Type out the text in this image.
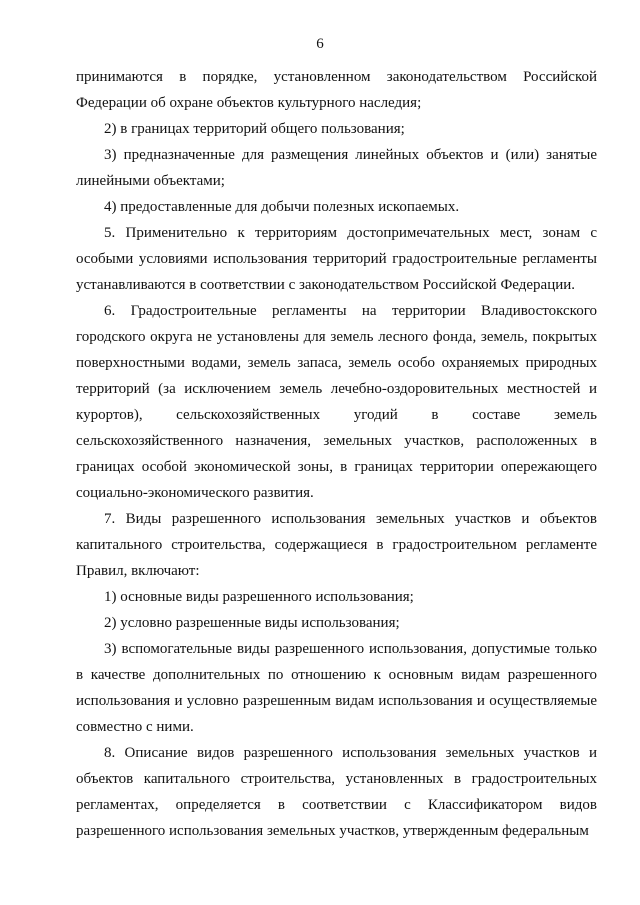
6

принимаются в порядке, установленном законодательством Российской Федерации об охране объектов культурного наследия;

2) в границах территорий общего пользования;

3) предназначенные для размещения линейных объектов и (или) занятые линейными объектами;

4) предоставленные для добычи полезных ископаемых.

5. Применительно к территориям достопримечательных мест, зонам с особыми условиями использования территорий градостроительные регламенты устанавливаются в соответствии с законодательством Российской Федерации.

6. Градостроительные регламенты на территории Владивостокского городского округа не установлены для земель лесного фонда, земель, покрытых поверхностными водами, земель запаса, земель особо охраняемых природных территорий (за исключением земель лечебно-оздоровительных местностей и курортов), сельскохозяйственных угодий в составе земель сельскохозяйственного назначения, земельных участков, расположенных в границах особой экономической зоны, в границах территории опережающего социально-экономического развития.

7. Виды разрешенного использования земельных участков и объектов капитального строительства, содержащиеся в градостроительном регламенте Правил, включают:

1) основные виды разрешенного использования;

2) условно разрешенные виды использования;

3) вспомогательные виды разрешенного использования, допустимые только в качестве дополнительных по отношению к основным видам разрешенного использования и условно разрешенным видам использования и осуществляемые совместно с ними.

8. Описание видов разрешенного использования земельных участков и объектов капитального строительства, установленных в градостроительных регламентах, определяется в соответствии с Классификатором видов разрешенного использования земельных участков, утвержденным федеральным
